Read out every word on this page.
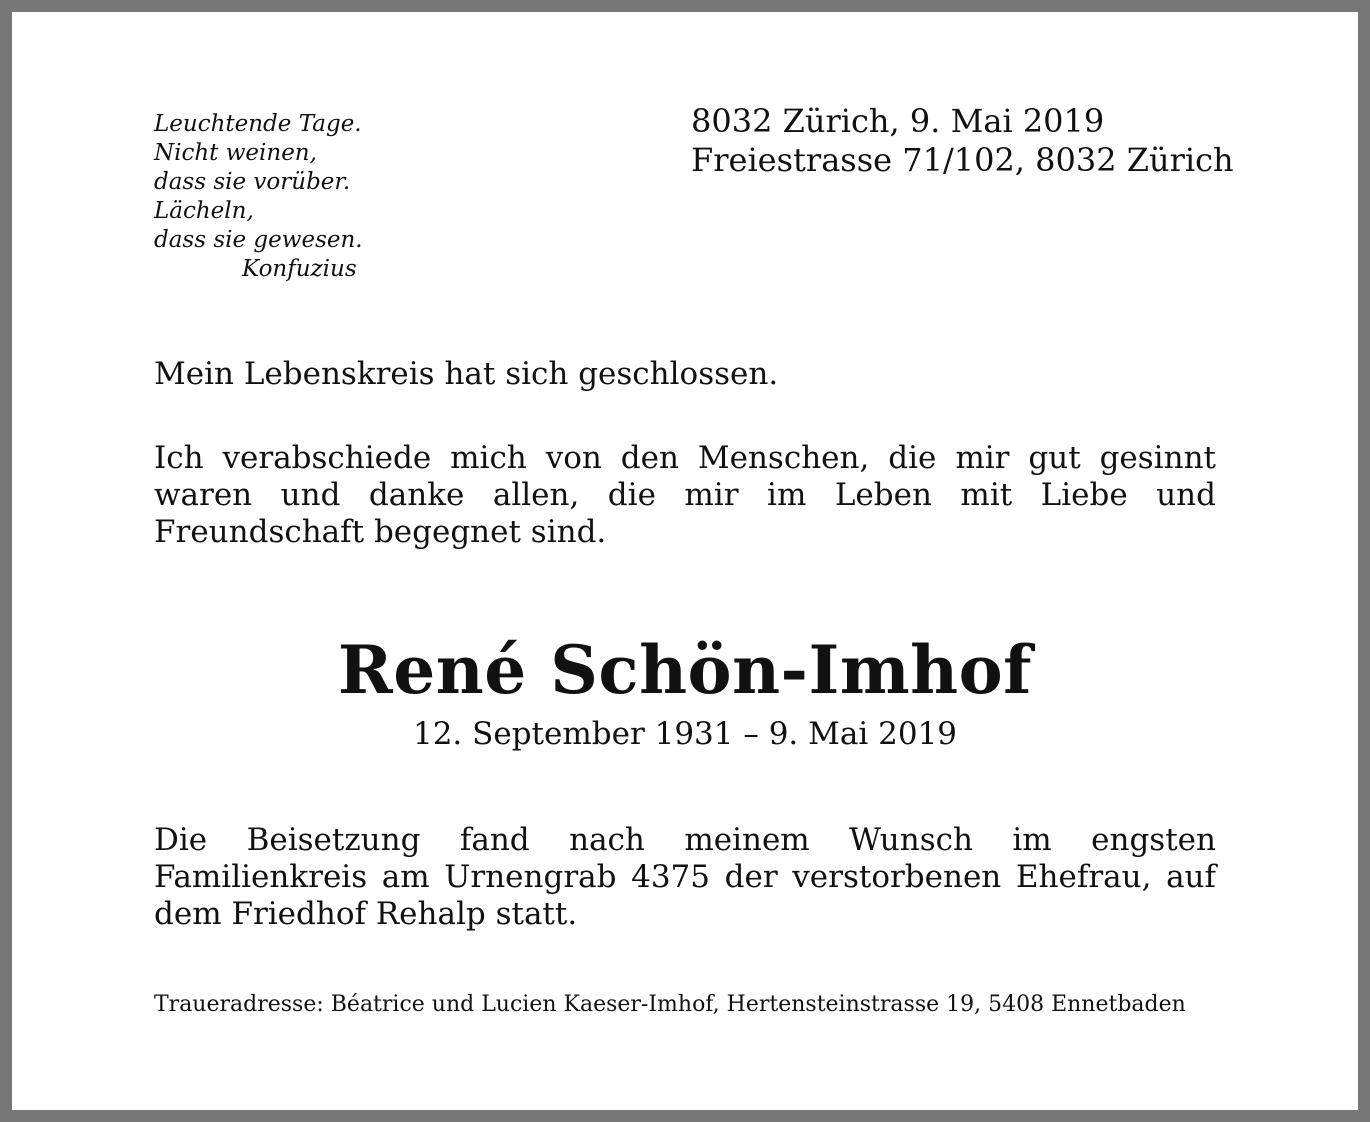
Leuchtende Tage.
Nicht weinen,
dass sie vorüber.
Lächeln,
dass sie gewesen.
Konfuzius
8032 Zürich, 9. Mai 2019
Freiestrasse 71/102, 8032 Zürich

Mein Lebenskreis hat sich geschlossen.

Ich verabschiede mich von den Menschen, die mir gut gesinnt waren und danke allen, die mir im Leben mit Liebe und Freundschaft begegnet sind.

René Schön-Imhof

12. September 1931 – 9. Mai 2019

Die Beisetzung fand nach meinem Wunsch im engsten Familienkreis am Urnengrab 4375 der verstorbenen Ehefrau, auf dem Friedhof Rehalp statt.

Traueradresse: Béatrice und Lucien Kaeser-Imhof, Hertensteinstrasse 19, 5408 Ennetbaden
